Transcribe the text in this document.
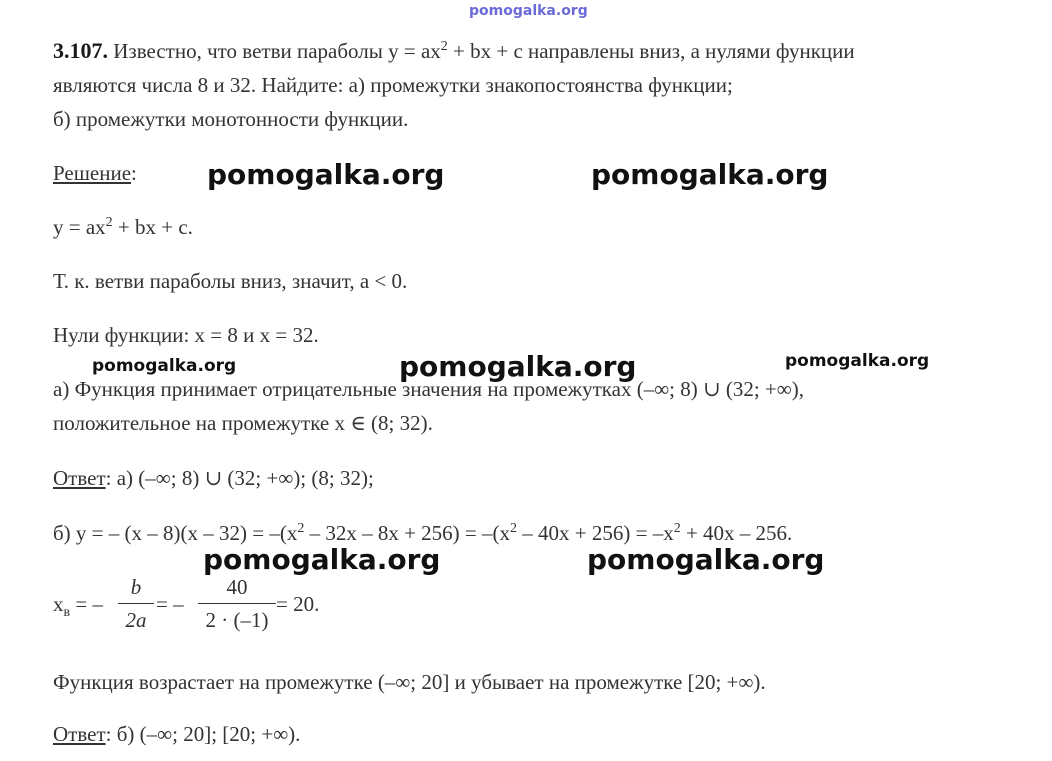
pomogalka.org
3.107. Известно, что ветви параболы $y = ax^2$ + bx + c направлены вниз, а нулями функции
являются числа 8 и 32. Найдите: а) промежутки знакопостоянства функции;
б) промежутки монотонности функции.
Решение:	pomogalka.org	pomogalka.org
$y = ax^2$ + bx + c.
Т. к. ветви параболы вниз, значит, a < 0.
Нули функции: x = 8 и x = 32.
pomogalka.org	pomogalka.org	pomogalka.org
а) Функция принимает отрицательные значения на промежутках (–∞; 8) ∪ (32; +∞),
положительное на промежутке x ∈ (8; 32).
Ответ: а) (–∞; 8) ∪ (32; +∞); (8; 32);
б) y = – $(x - 8)(x - 32) = -(x^2 - 32x - 8x + 256) = -(x^2 - 40x + 256) = -x^2 + 40x - 256$.
pomogalka.org	pomogalka.org
$x_в$ = –
b
2a
= –
40
2 · (–1)
= 20.
Функция возрастает на промежутке (–∞; 20] и убывает на промежутке [20; +∞).
Ответ: б) (–∞; 20]; [20; +∞).
